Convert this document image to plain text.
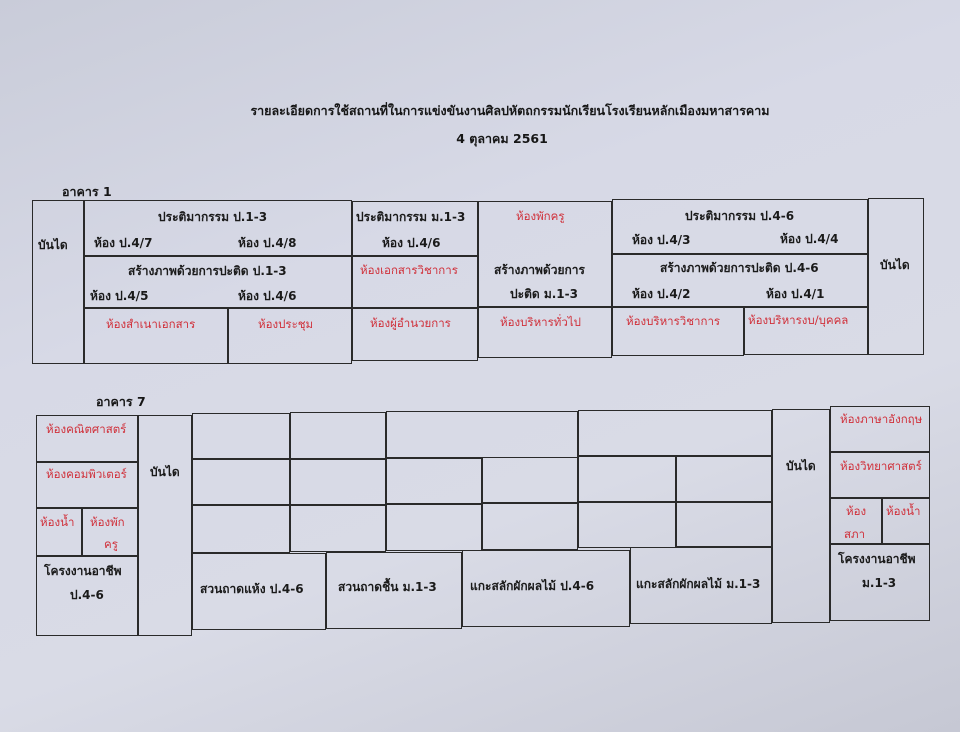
รายละเอียดการใช้สถานที่ในการแข่งขันงานศิลปหัตถกรรมนักเรียนโรงเรียนหลักเมืองมหาสารคาม
4 ตุลาคม 2561
อาคาร 1
บันได
ประติมากรรม ป.1-3
ห้อง ป.4/7	ห้อง ป.4/8
ประติมากรรม ม.1-3
ห้อง ป.4/6
ห้องพักครู	ประติมากรรม ป.4-6
ห้อง ป.4/3	ห้อง ป.4/4
บันได
สร้างภาพด้วยการปะติด ป.1-3
ห้อง ป.4/5	ห้อง ป.4/6
ห้องเอกสารวิชาการ	สร้างภาพด้วยการ
ปะติด ม.1-3
สร้างภาพด้วยการปะติด ป.4-6
ห้อง ป.4/2	ห้อง ป.4/1
ห้องสำเนาเอกสาร	ห้องประชุม	ห้องผู้อำนวยการ	ห้องบริหารทั่วไป	ห้องบริหารวิชาการ ห้องบริหารงบ/บุคคล
อาคาร 7
ห้องคณิตศาสตร์
ห้องคอมพิวเตอร์
ห้องน้ำ ห้องพัก
ครู
โครงงานอาชีพ
ป.4-6
บันได
สวนถาดแห้ง ป.4-6	สวนถาดชื้น ม.1-3	แกะสลักผักผลไม้ ป.4-6	แกะสลักผักผลไม้ ม.1-3
บันได
ห้องภาษาอังกฤษ
ห้องวิทยาศาสตร์
ห้อง
สภา
ห้องน้ำ
โครงงานอาชีพ
ม.1-3
